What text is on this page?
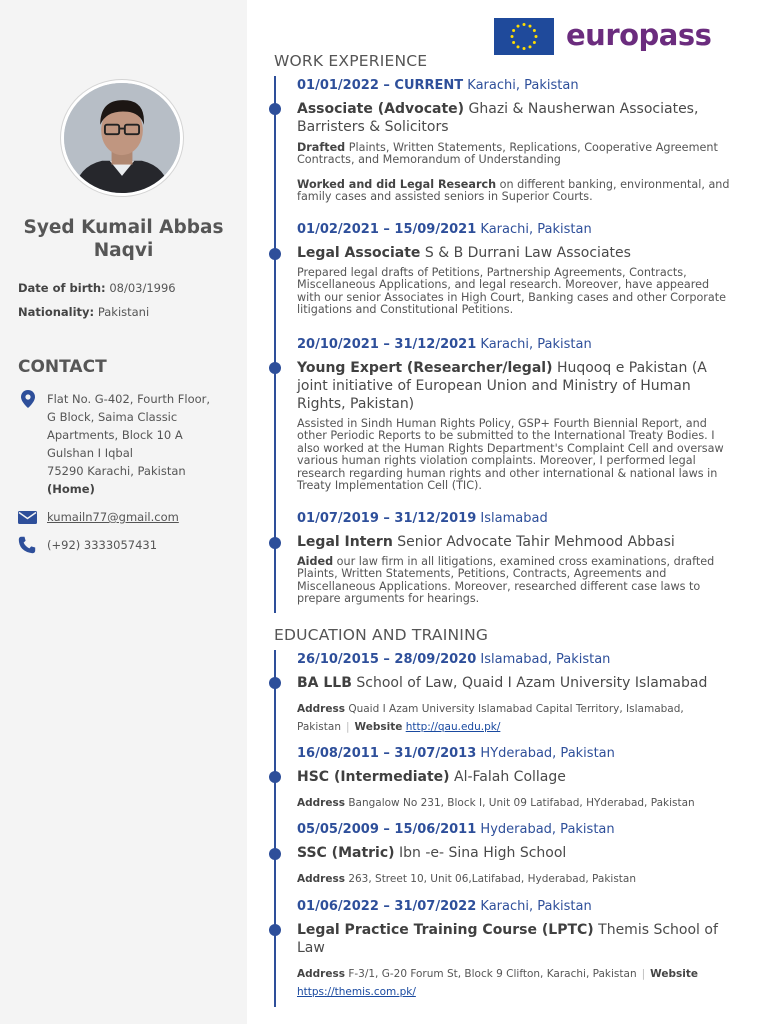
Syed Kumail Abbas Naqvi
Date of birth: 08/03/1996
Nationality: Pakistani
CONTACT
Flat No. G-402, Fourth Floor,
G Block, Saima Classic
Apartments, Block 10 A
Gulshan I Iqbal
75290 Karachi, Pakistan
(Home)
kumailn77@gmail.com
(+92) 3333057431
europass
WORK EXPERIENCE
01/01/2022 – CURRENT Karachi, Pakistan
Associate (Advocate) Ghazi & Nausherwan Associates, Barristers & Solicitors
Drafted Plaints, Written Statements, Replications, Cooperative Agreement Contracts, and Memorandum of Understanding
Worked and did Legal Research on different banking, environmental, and family cases and assisted seniors in Superior Courts.
01/02/2021 – 15/09/2021 Karachi, Pakistan
Legal Associate S & B Durrani Law Associates
Prepared legal drafts of Petitions, Partnership Agreements, Contracts, Miscellaneous Applications, and legal research. Moreover, have appeared with our senior Associates in High Court, Banking cases and other Corporate litigations and Constitutional Petitions.
20/10/2021 – 31/12/2021 Karachi, Pakistan
Young Expert (Researcher/legal) Huqooq e Pakistan (A joint initiative of European Union and Ministry of Human Rights, Pakistan)
Assisted in Sindh Human Rights Policy, GSP+ Fourth Biennial Report, and other Periodic Reports to be submitted to the International Treaty Bodies. I also worked at the Human Rights Department's Complaint Cell and oversaw various human rights violation complaints. Moreover, I performed legal research regarding human rights and other international & national laws in Treaty Implementation Cell (TIC).
01/07/2019 – 31/12/2019 Islamabad
Legal Intern Senior Advocate Tahir Mehmood Abbasi
Aided our law firm in all litigations, examined cross examinations, drafted Plaints, Written Statements, Petitions, Contracts, Agreements and Miscellaneous Applications. Moreover, researched different case laws to prepare arguments for hearings.
EDUCATION AND TRAINING
26/10/2015 – 28/09/2020 Islamabad, Pakistan
BA LLB School of Law, Quaid I Azam University Islamabad
Address Quaid I Azam University Islamabad Capital Territory, Islamabad, Pakistan | Website http://qau.edu.pk/
16/08/2011 – 31/07/2013 HYderabad, Pakistan
HSC (Intermediate) Al-Falah Collage
Address Bangalow No 231, Block I, Unit 09 Latifabad, HYderabad, Pakistan
05/05/2009 – 15/06/2011 Hyderabad, Pakistan
SSC (Matric) Ibn -e- Sina High School
Address 263, Street 10, Unit 06,Latifabad, Hyderabad, Pakistan
01/06/2022 – 31/07/2022 Karachi, Pakistan
Legal Practice Training Course (LPTC) Themis School of Law
Address F-3/1, G-20 Forum St, Block 9 Clifton, Karachi, Pakistan | Website https://themis.com.pk/
